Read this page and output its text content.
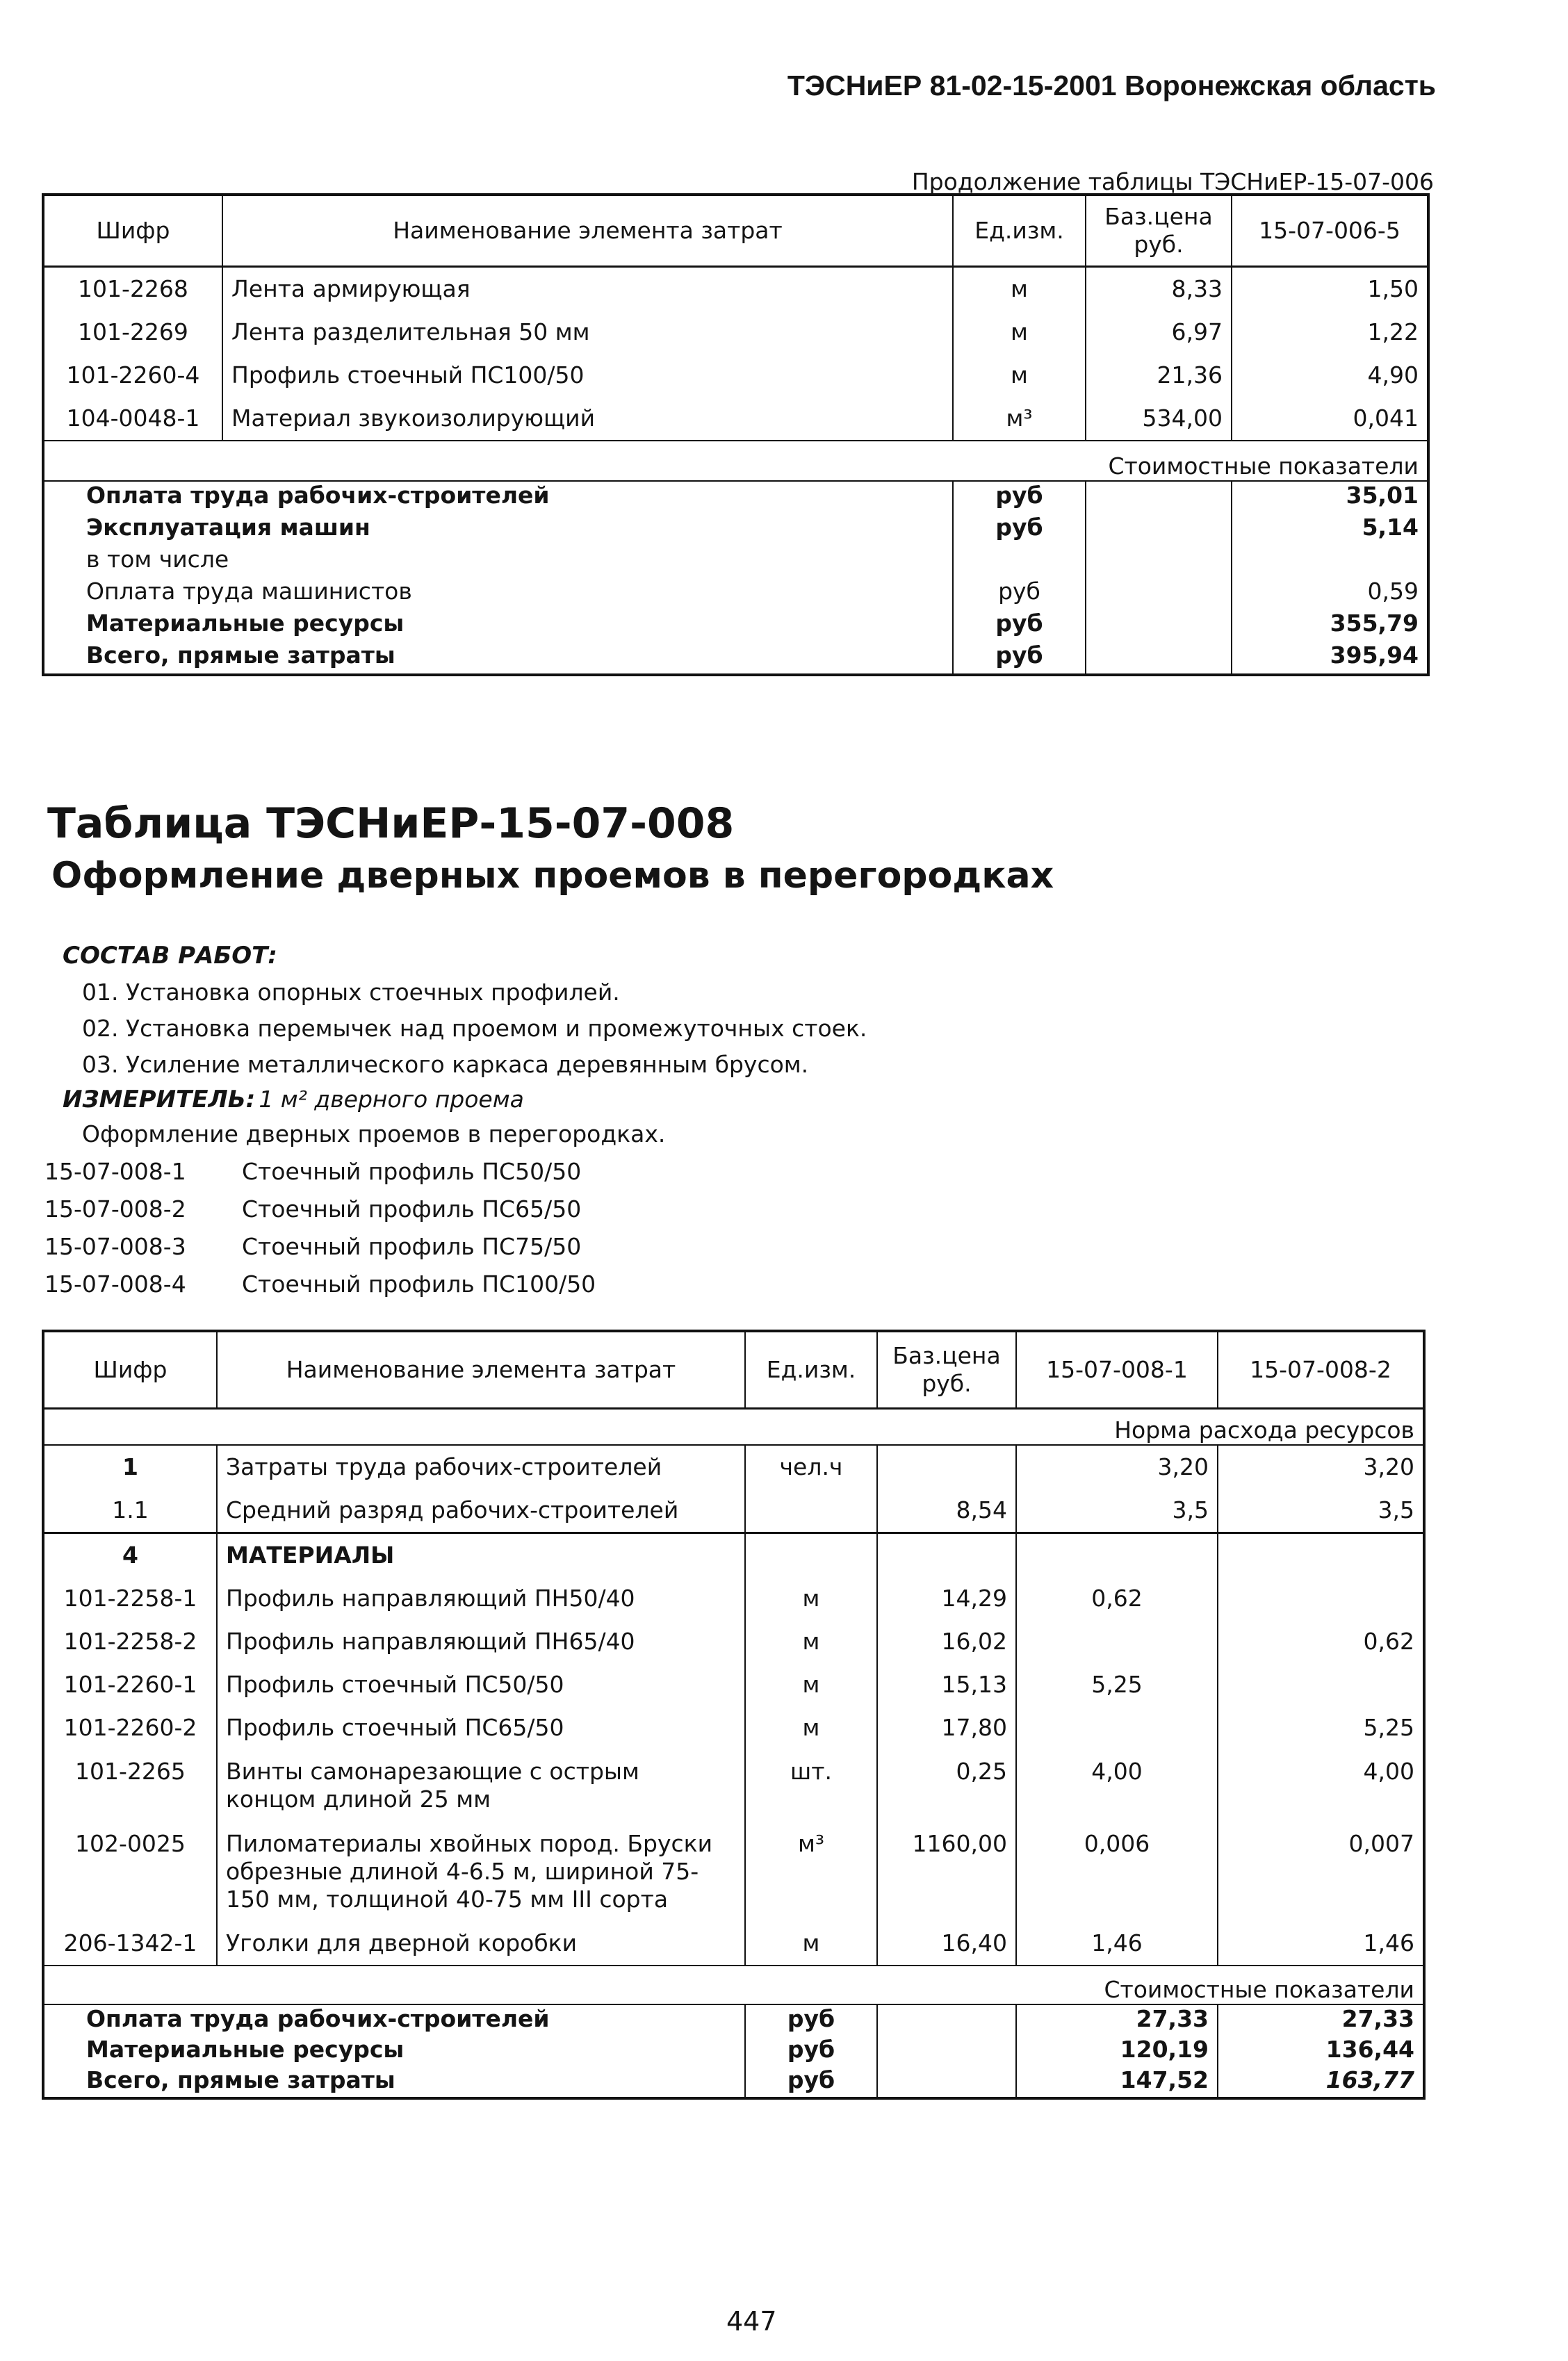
ТЭСНиЕР 81-02-15-2001 Воронежская область
Продолжение таблицы ТЭСНиЕР-15-07-006
Шифр	Наименование элемента затрат	Ед.изм.	Баз.цена руб.	15-07-006-5
101-2268	Лента армирующая	м	8,33	1,50
101-2269	Лента разделительная 50 мм	м	6,97	1,22
101-2260-4	Профиль стоечный ПС100/50	м	21,36	4,90
104-0048-1	Материал звукоизолирующий	м³	534,00	0,041
Стоимостные показатели				
Оплата труда рабочих-строителей		руб		35,01
Эксплуатация машин		руб		5,14
в том числе				
Оплата труда машинистов		руб		0,59
Материальные ресурсы		руб		355,79
Всего, прямые затраты		руб		395,94
Таблица ТЭСНиЕР-15-07-008
Оформление дверных проемов в перегородках
СОСТАВ РАБОТ:
01. Установка опорных стоечных профилей.
02. Установка перемычек над проемом и промежуточных стоек.
03. Усиление металлического каркаса деревянным брусом.
ИЗМЕРИТЕЛЬ: 1 м² дверного проема
Оформление дверных проемов в перегородках.
15-07-008-1 Стоечный профиль ПС50/50
15-07-008-2 Стоечный профиль ПС65/50
15-07-008-3 Стоечный профиль ПС75/50
15-07-008-4 Стоечный профиль ПС100/50
Шифр	Наименование элемента затрат	Ед.изм.	Баз.цена руб.	15-07-008-1	15-07-008-2
Норма расхода ресурсов					
1	Затраты труда рабочих-строителей	чел.ч		3,20	3,20
1.1	Средний разряд рабочих-строителей		8,54	3,5	3,5
4	МАТЕРИАЛЫ				
101-2258-1	Профиль направляющий ПН50/40	м	14,29	0,62	
101-2258-2	Профиль направляющий ПН65/40	м	16,02		0,62
101-2260-1	Профиль стоечный ПС50/50	м	15,13	5,25	
101-2260-2	Профиль стоечный ПС65/50	м	17,80		5,25
101-2265	Винты самонарезающие с острым концом длиной 25 мм	шт.	0,25	4,00	4,00
102-0025	Пиломатериалы хвойных пород. Бруски обрезные длиной 4-6.5 м, шириной 75-150 мм, толщиной 40-75 мм III сорта	м³	1160,00	0,006	0,007
206-1342-1	Уголки для дверной коробки	м	16,40	1,46	1,46
Стоимостные показатели					
Оплата труда рабочих-строителей		руб		27,33	27,33
Материальные ресурсы		руб		120,19	136,44
Всего, прямые затраты		руб		147,52	163,77
447
